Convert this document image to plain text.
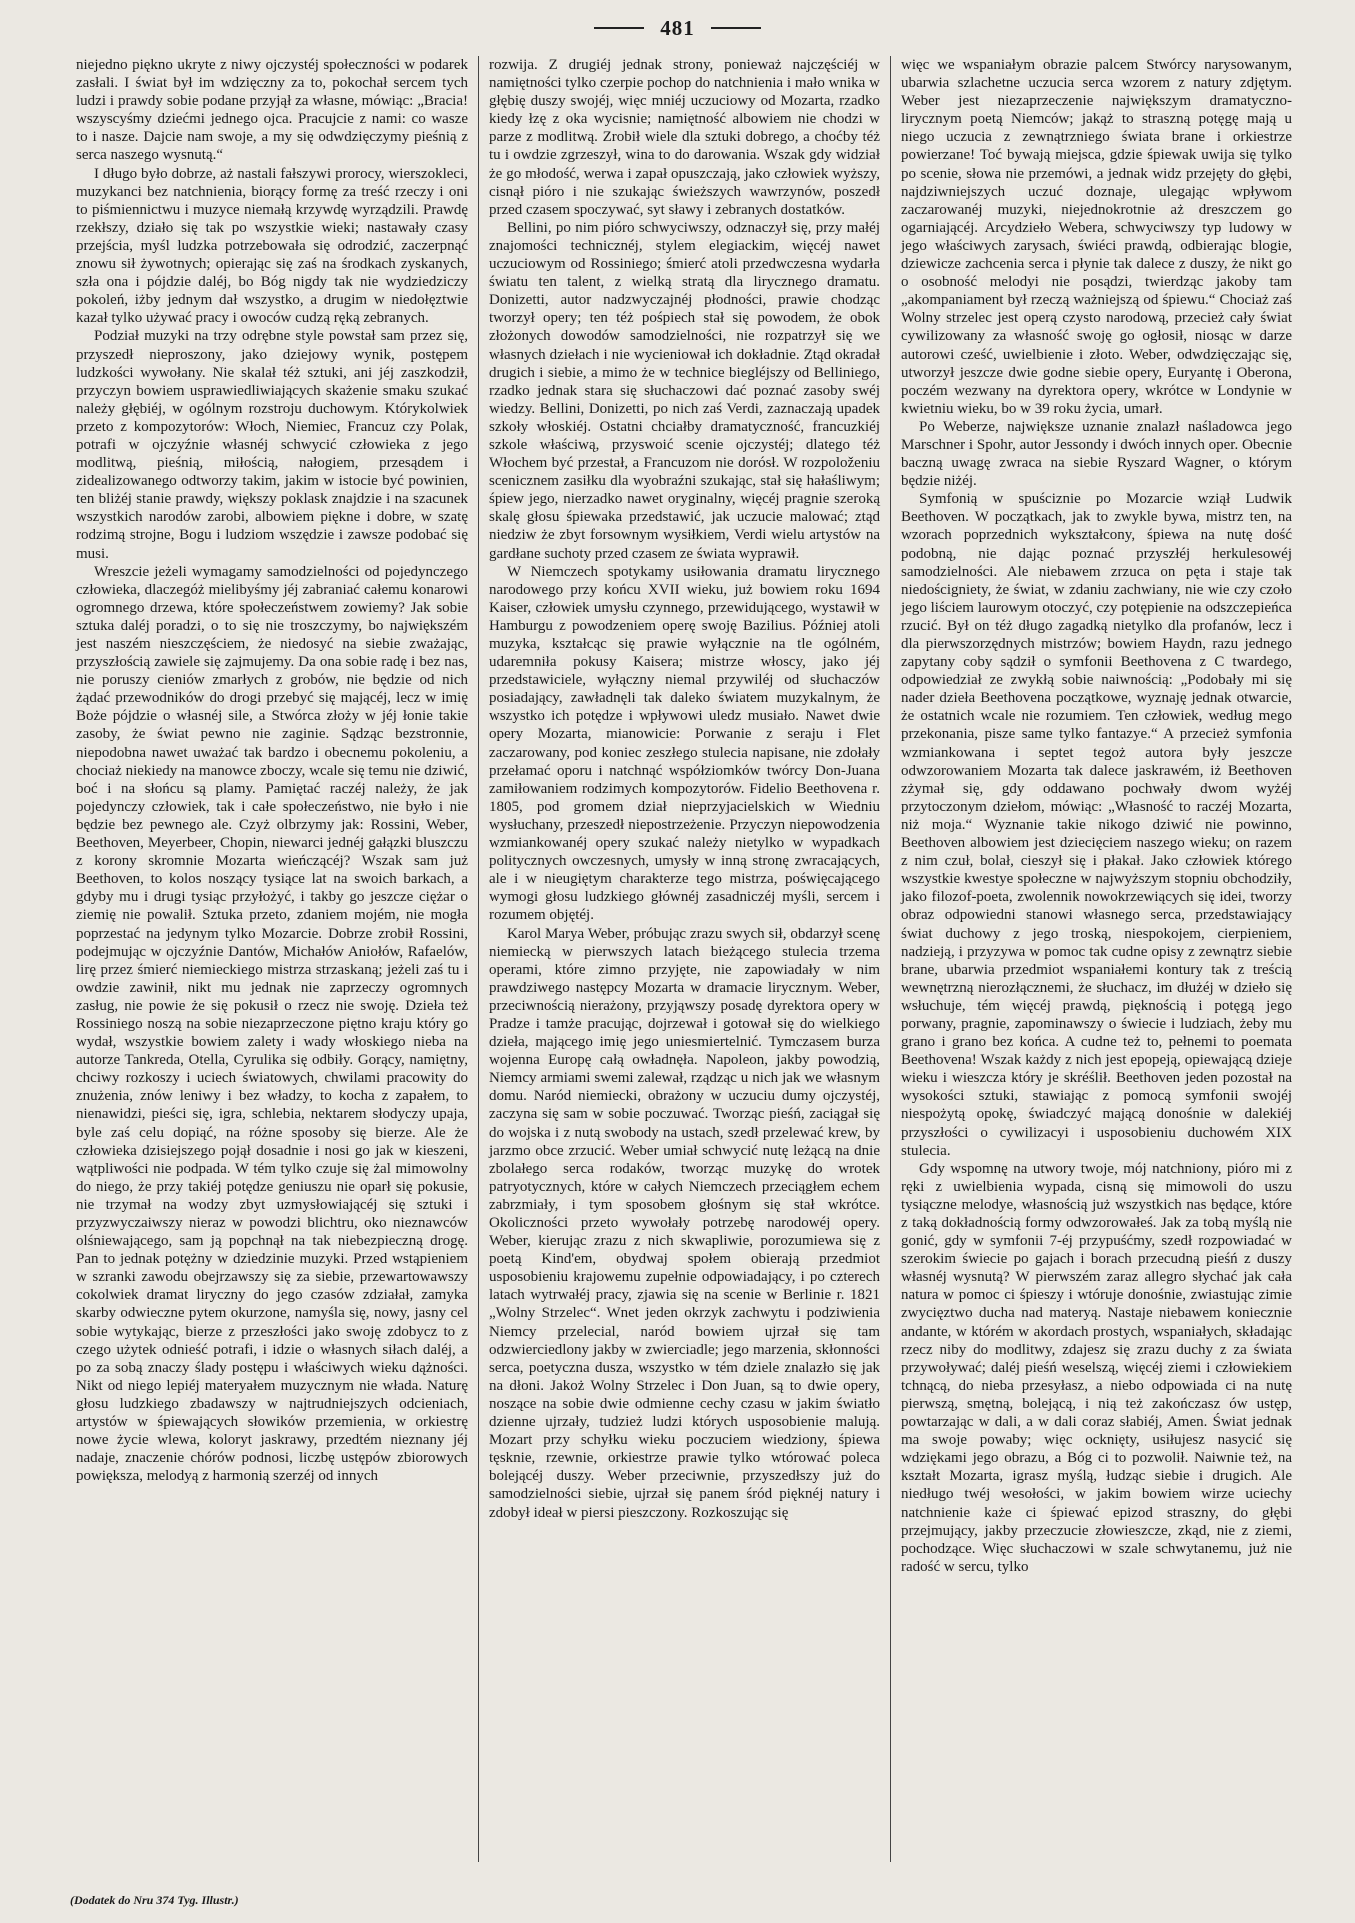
481

niejedno piękno ukryte z niwy ojczystéj społeczności w podarek zasłali. I świat był im wdzięczny za to, pokochał sercem tych ludzi i prawdy sobie podane przyjął za własne, mówiąc: „Bracia! wszyscyśmy dziećmi jednego ojca. Pracujcie z nami: co wasze to i nasze. Dajcie nam swoje, a my się odwdzięczymy pieśnią z serca naszego wysnutą.“

I długo było dobrze, aż nastali fałszywi prorocy, wierszokleci, muzykanci bez natchnienia, biorący formę za treść rzeczy i oni to piśmiennictwu i muzyce niemałą krzywdę wyrządzili. Prawdę rzekłszy, działo się tak po wszystkie wieki; nastawały czasy przejścia, myśl ludzka potrzebowała się odrodzić, zaczerpnąć znowu sił żywotnych; opierając się zaś na środkach zyskanych, szła ona i pójdzie daléj, bo Bóg nigdy tak nie wydziedziczy pokoleń, iżby jednym dał wszystko, a drugim w niedołęztwie kazał tylko używać pracy i owoców cudzą ręką zebranych.

Podział muzyki na trzy odrębne style powstał sam przez się, przyszedł nieproszony, jako dziejowy wynik, postępem ludzkości wywołany. Nie skalał téż sztuki, ani jéj zaszkodził, przyczyn bowiem usprawiedliwiających skażenie smaku szukać należy głębiéj, w ogólnym rozstroju duchowym. Którykolwiek przeto z kompozytorów: Włoch, Niemiec, Francuz czy Polak, potrafi w ojczyźnie własnéj schwycić człowieka z jego modlitwą, pieśnią, miłością, nałogiem, przesądem i zidealizowanego odtworzy takim, jakim w istocie być powinien, ten bliżéj stanie prawdy, większy poklask znajdzie i na szacunek wszystkich narodów zarobi, albowiem piękne i dobre, w szatę rodzimą strojne, Bogu i ludziom wszędzie i zawsze podobać się musi.

Wreszcie jeżeli wymagamy samodzielności od pojedynczego człowieka, dlaczegóż mielibyśmy jéj zabraniać całemu konarowi ogromnego drzewa, które społeczeństwem zowiemy? Jak sobie sztuka daléj poradzi, o to się nie troszczymy, bo największém jest naszém nieszczęściem, że niedosyć na siebie zważając, przyszłością zawiele się zajmujemy. Da ona sobie radę i bez nas, nie poruszy cieniów zmarłych z grobów, nie będzie od nich żądać przewodników do drogi przebyć się mającéj, lecz w imię Boże pójdzie o własnéj sile, a Stwórca złoży w jéj łonie takie zasoby, że świat pewno nie zaginie. Sądząc bezstronnie, niepodobna nawet uważać tak bardzo i obecnemu pokoleniu, a chociaż niekiedy na manowce zboczy, wcale się temu nie dziwić, boć i na słońcu są plamy. Pamiętać raczéj należy, że jak pojedynczy człowiek, tak i całe społeczeństwo, nie było i nie będzie bez pewnego ale. Czyż olbrzymy jak: Rossini, Weber, Beethoven, Meyerbeer, Chopin, niewarci jednéj gałązki bluszczu z korony skromnie Mozarta wieńczącéj? Wszak sam już Beethoven, to kolos noszący tysiące lat na swoich barkach, a gdyby mu i drugi tysiąc przyłożyć, i takby go jeszcze ciężar o ziemię nie powalił. Sztuka przeto, zdaniem mojém, nie mogła poprzestać na jedynym tylko Mozarcie. Dobrze zrobił Rossini, podejmując w ojczyźnie Dantów, Michałów Aniołów, Rafaelów, lirę przez śmierć niemieckiego mistrza strzaskaną; jeżeli zaś tu i owdzie zawinił, nikt mu jednak nie zaprzeczy ogromnych zasług, nie powie że się pokusił o rzecz nie swoję. Dzieła też Rossiniego noszą na sobie niezaprzeczone piętno kraju który go wydał, wszystkie bowiem zalety i wady włoskiego nieba na autorze Tankreda, Otella, Cyrulika się odbiły. Gorący, namiętny, chciwy rozkoszy i uciech światowych, chwilami pracowity do znużenia, znów leniwy i bez władzy, to kocha z zapałem, to nienawidzi, pieści się, igra, schlebia, nektarem słodyczy upaja, byle zaś celu dopiąć, na różne sposoby się bierze. Ale że człowieka dzisiejszego pojął dosadnie i nosi go jak w kieszeni, wątpliwości nie podpada. W tém tylko czuje się żal mimowolny do niego, że przy takiéj potędze geniuszu nie oparł się pokusie, nie trzymał na wodzy zbyt uzmysłowiającéj się sztuki i przyzwyczaiwszy nieraz w powodzi blichtru, oko nieznawców olśniewającego, sam ją popchnął na tak niebezpieczną drogę. Pan to jednak potężny w dziedzinie muzyki. Przed wstąpieniem w szranki zawodu obejrzawszy się za siebie, przewartowawszy cokolwiek dramat liryczny do jego czasów zdziałał, zamyka skarby odwieczne pytem okurzone, namyśla się, nowy, jasny cel sobie wytykając, bierze z przeszłości jako swoję zdobycz to z czego użytek odnieść potrafi, i idzie o własnych siłach daléj, a po za sobą znaczy ślady postępu i właściwych wieku dążności. Nikt od niego lepiéj materyałem muzycznym nie włada. Naturę głosu ludzkiego zbadawszy w najtrudniejszych odcieniach, artystów w śpiewających słowików przemienia, w orkiestrę nowe życie wlewa, koloryt jaskrawy, przedtém nieznany jéj nadaje, znaczenie chórów podnosi, liczbę ustępów zbiorowych powiększa, melodyą z harmonią szerzéj od innych

rozwija. Z drugiéj jednak strony, ponieważ najczęściéj w namiętności tylko czerpie pochop do natchnienia i mało wnika w głębię duszy swojéj, więc mniéj uczuciowy od Mozarta, rzadko kiedy łzę z oka wycisnie; namiętność albowiem nie chodzi w parze z modlitwą. Zrobił wiele dla sztuki dobrego, a choćby téż tu i owdzie zgrzeszył, wina to do darowania. Wszak gdy widział że go młodość, werwa i zapał opuszczają, jako człowiek wyższy, cisnął pióro i nie szukając świeższych wawrzynów, poszedł przed czasem spoczywać, syt sławy i zebranych dostatków.

Bellini, po nim pióro schwyciwszy, odznaczył się, przy małéj znajomości technicznéj, stylem elegiackim, więcéj nawet uczuciowym od Rossiniego; śmierć atoli przedwczesna wydarła światu ten talent, z wielką stratą dla lirycznego dramatu. Donizetti, autor nadzwyczajnéj płodności, prawie chodząc tworzył opery; ten téż pośpiech stał się powodem, że obok złożonych dowodów samodzielności, nie rozpatrzył się we własnych dziełach i nie wycieniował ich dokładnie. Ztąd okradał drugich i siebie, a mimo że w technice biegléjszy od Belliniego, rzadko jednak stara się słuchaczowi dać poznać zasoby swéj wiedzy. Bellini, Donizetti, po nich zaś Verdi, zaznaczają upadek szkoły włoskiéj. Ostatni chciałby dramatyczność, francuzkiéj szkole właściwą, przyswoić scenie ojczystéj; dlatego téż Włochem być przestał, a Francuzom nie dorósł. W rozpoloženiu scenicznem zasiłku dla wyobraźni szukając, stał się hałaśliwym; śpiew jego, nierzadko nawet oryginalny, więcéj pragnie szeroką skalę głosu śpiewaka przedstawić, jak uczucie malować; ztąd niedziw że zbyt forsownym wysiłkiem, Verdi wielu artystów na gardłane suchoty przed czasem ze świata wyprawił.

W Niemczech spotykamy usiłowania dramatu lirycznego narodowego przy końcu XVII wieku, już bowiem roku 1694 Kaiser, człowiek umysłu czynnego, przewidującego, wystawił w Hamburgu z powodzeniem operę swoję Bazilius. Później atoli muzyka, kształcąc się prawie wyłącznie na tle ogólném, udaremniła pokusy Kaisera; mistrze włoscy, jako jéj przedstawiciele, wyłączny niemal przywiléj od słuchaczów posiadający, zawładnęli tak daleko światem muzykalnym, że wszystko ich potędze i wpływowi uledz musiało. Nawet dwie opery Mozarta, mianowicie: Porwanie z seraju i Flet zaczarowany, pod koniec zeszłego stulecia napisane, nie zdołały przełamać oporu i natchnąć współziomków twórcy Don-Juana zamiłowaniem rodzimych kompozytorów. Fidelio Beethovena r. 1805, pod gromem dział nieprzyjacielskich w Wiedniu wysłuchany, przeszedł niepostrzeżenie. Przyczyn niepowodzenia wzmiankowanéj opery szukać należy nietylko w wypadkach politycznych owczesnych, umysły w inną stronę zwracających, ale i w nieugiętym charakterze tego mistrza, poświęcającego wymogi głosu ludzkiego głównéj zasadniczéj myśli, sercem i rozumem objętéj.

Karol Marya Weber, próbując zrazu swych sił, obdarzył scenę niemiecką w pierwszych latach bieżącego stulecia trzema operami, które zimno przyjęte, nie zapowiadały w nim prawdziwego następcy Mozarta w dramacie lirycznym. Weber, przeciwnością nierażony, przyjąwszy posadę dyrektora opery w Pradze i tamże pracując, dojrzewał i gotował się do wielkiego dzieła, mającego imię jego uniesmiertelnić. Tymczasem burza wojenna Europę całą owładnęła. Napoleon, jakby powodzią, Niemcy armiami swemi zalewał, rządząc u nich jak we własnym domu. Naród niemiecki, obrażony w uczuciu dumy ojczystéj, zaczyna się sam w sobie poczuwać. Tworząc pieśń, zaciągał się do wojska i z nutą swobody na ustach, szedł przelewać krew, by jarzmo obce zrzucić. Weber umiał schwycić nutę leżącą na dnie zbolałego serca rodaków, tworząc muzykę do wrotek patryotycznych, które w całych Niemczech przeciągłem echem zabrzmiały, i tym sposobem głośnym się stał wkrótce. Okoliczności przeto wywołały potrzebę narodowéj opery. Weber, kierując zrazu z nich skwapliwie, porozumiewa się z poetą Kind'em, obydwaj społem obierają przedmiot usposobieniu krajowemu zupełnie odpowiadający, i po czterech latach wytrwałéj pracy, zjawia się na scenie w Berlinie r. 1821 „Wolny Strzelec“. Wnet jeden okrzyk zachwytu i podziwienia Niemcy przelecial, naród bowiem ujrzał się tam odzwierciedlony jakby w zwierciadle; jego marzenia, skłonności serca, poetyczna dusza, wszystko w tém dziele znalazło się jak na dłoni. Jakoż Wolny Strzelec i Don Juan, są to dwie opery, noszące na sobie dwie odmienne cechy czasu w jakim światło dzienne ujrzały, tudzież ludzi których usposobienie malują. Mozart przy schyłku wieku poczuciem wiedziony, śpiewa tęsknie, rzewnie, orkiestrze prawie tylko wtórować poleca bolejącéj duszy. Weber przeciwnie, przyszedłszy już do samodzielności siebie, ujrzał się panem śród pięknéj natury i zdobył ideał w piersi pieszczony. Rozkoszując się

więc we wspaniałym obrazie palcem Stwórcy narysowanym, ubarwia szlachetne uczucia serca wzorem z natury zdjętym. Weber jest niezaprzeczenie największym dramatyczno-lirycznym poetą Niemców; jakąż to straszną potęgę mają u niego uczucia z zewnątrzniego świata brane i orkiestrze powierzane! Toć bywają miejsca, gdzie śpiewak uwija się tylko po scenie, słowa nie przemówi, a jednak widz przejęty do głębi, najdziwniejszych uczuć doznaje, ulegając wpływom zaczarowanéj muzyki, niejednokrotnie aż dreszczem go ogarniającéj. Arcydzieło Webera, schwyciwszy typ ludowy w jego właściwych zarysach, świéci prawdą, odbierając blogie, dziewicze zachcenia serca i płynie tak dalece z duszy, że nikt go o osobność melodyi nie posądzi, twierdząc jakoby tam „akompaniament był rzeczą ważniejszą od śpiewu.“ Chociaż zaś Wolny strzelec jest operą czysto narodową, przecież cały świat cywilizowany za własność swoję go ogłosił, niosąc w darze autorowi cześć, uwielbienie i złoto. Weber, odwdzięczając się, utworzył jeszcze dwie godne siebie opery, Euryantę i Oberona, poczém wezwany na dyrektora opery, wkrótce w Londynie w kwietniu wieku, bo w 39 roku życia, umarł.

Po Weberze, największe uznanie znalazł naśladowca jego Marschner i Spohr, autor Jessondy i dwóch innych oper. Obecnie baczną uwagę zwraca na siebie Ryszard Wagner, o którym będzie niżéj.

Symfonią w spuściznie po Mozarcie wziął Ludwik Beethoven. W początkach, jak to zwykle bywa, mistrz ten, na wzorach poprzednich wykształcony, śpiewa na nutę dość podobną, nie dając poznać przyszłéj herkulesowéj samodzielności. Ale niebawem zrzuca on pęta i staje tak niedościgniety, że świat, w zdaniu zachwiany, nie wie czy czoło jego liściem laurowym otoczyć, czy potępienie na odszczepieńca rzucić. Był on téż długo zagadką nietylko dla profanów, lecz i dla pierwszorzędnych mistrzów; bowiem Haydn, razu jednego zapytany coby sądził o symfonii Beethovena z C twardego, odpowiedział ze zwykłą sobie naiwnością: „Podobały mi się nader dzieła Beethovena początkowe, wyznaję jednak otwarcie, że ostatnich wcale nie rozumiem. Ten człowiek, według mego przekonania, pisze same tylko fantazye.“ A przecież symfonia wzmiankowana i septet tegoż autora były jeszcze odwzorowaniem Mozarta tak dalece jaskrawém, iż Beethoven zżymał się, gdy oddawano pochwały dwom wyżéj przytoczonym dziełom, mówiąc: „Własność to raczéj Mozarta, niż moja.“ Wyznanie takie nikogo dziwić nie powinno, Beethoven albowiem jest dziecięciem naszego wieku; on razem z nim czuł, bolał, cieszył się i płakał. Jako człowiek którego wszystkie kwestye społeczne w najwyższym stopniu obchodziły, jako filozof-poeta, zwolennik nowokrzewiących się idei, tworzy obraz odpowiedni stanowi własnego serca, przedstawiający świat duchowy z jego troską, niespokojem, cierpieniem, nadzieją, i przyzywa w pomoc tak cudne opisy z zewnątrz siebie brane, ubarwia przedmiot wspaniałemi kontury tak z treścią wewnętrzną nierozłącznemi, że słuchacz, im dłużéj w dzieło się wsłuchuje, tém więcéj prawdą, pięknością i potęgą jego porwany, pragnie, zapominawszy o świecie i ludziach, żeby mu grano i grano bez końca. A cudne też to, pełnemi to poemata Beethovena! Wszak każdy z nich jest epopeją, opiewającą dzieje wieku i wieszcza który je skréślił. Beethoven jeden pozostał na wysokości sztuki, stawiając z pomocą symfonii swojéj niespożytą opokę, świadczyć mającą donośnie w dalekiéj przyszłości o cywilizacyi i usposobieniu duchowém XIX stulecia.

Gdy wspomnę na utwory twoje, mój natchniony, pióro mi z ręki z uwielbienia wypada, cisną się mimowoli do uszu tysiączne melodye, własnością już wszystkich nas będące, które z taką dokładnością formy odwzorowałeś. Jak za tobą myślą nie gonić, gdy w symfonii 7-éj przypuśćmy, szedł rozpowiadać w szerokim świecie po gajach i borach przecudną pieśń z duszy własnéj wysnutą? W pierwszém zaraz allegro słychać jak cała natura w pomoc ci śpieszy i wtóruje donośnie, zwiastując zimie zwycięztwo ducha nad materyą. Nastaje niebawem koniecznie andante, w którém w akordach prostych, wspaniałych, składając rzecz niby do modlitwy, zdajesz się zrazu duchy z za świata przywoływać; daléj pieśń weselszą, więcéj ziemi i człowiekiem tchnącą, do nieba przesyłasz, a niebo odpowiada ci na nutę pierwszą, smętną, bolejącą, i nią też zakończasz ów ustęp, powtarzając w dali, a w dali coraz słabiéj, Amen. Świat jednak ma swoje powaby; więc ocknięty, usiłujesz nasycić się wdziękami jego obrazu, a Bóg ci to pozwolił. Naiwnie też, na kształt Mozarta, igrasz myślą, łudząc siebie i drugich. Ale niedługo twéj wesołości, w jakim bowiem wirze uciechy natchnienie każe ci śpiewać epizod straszny, do głębi przejmujący, jakby przeczucie złowieszcze, zkąd, nie z ziemi, pochodzące. Więc słuchaczowi w szale schwytanemu, już nie radość w sercu, tylko

(Dodatek do Nru 374 Tyg. Illustr.)
